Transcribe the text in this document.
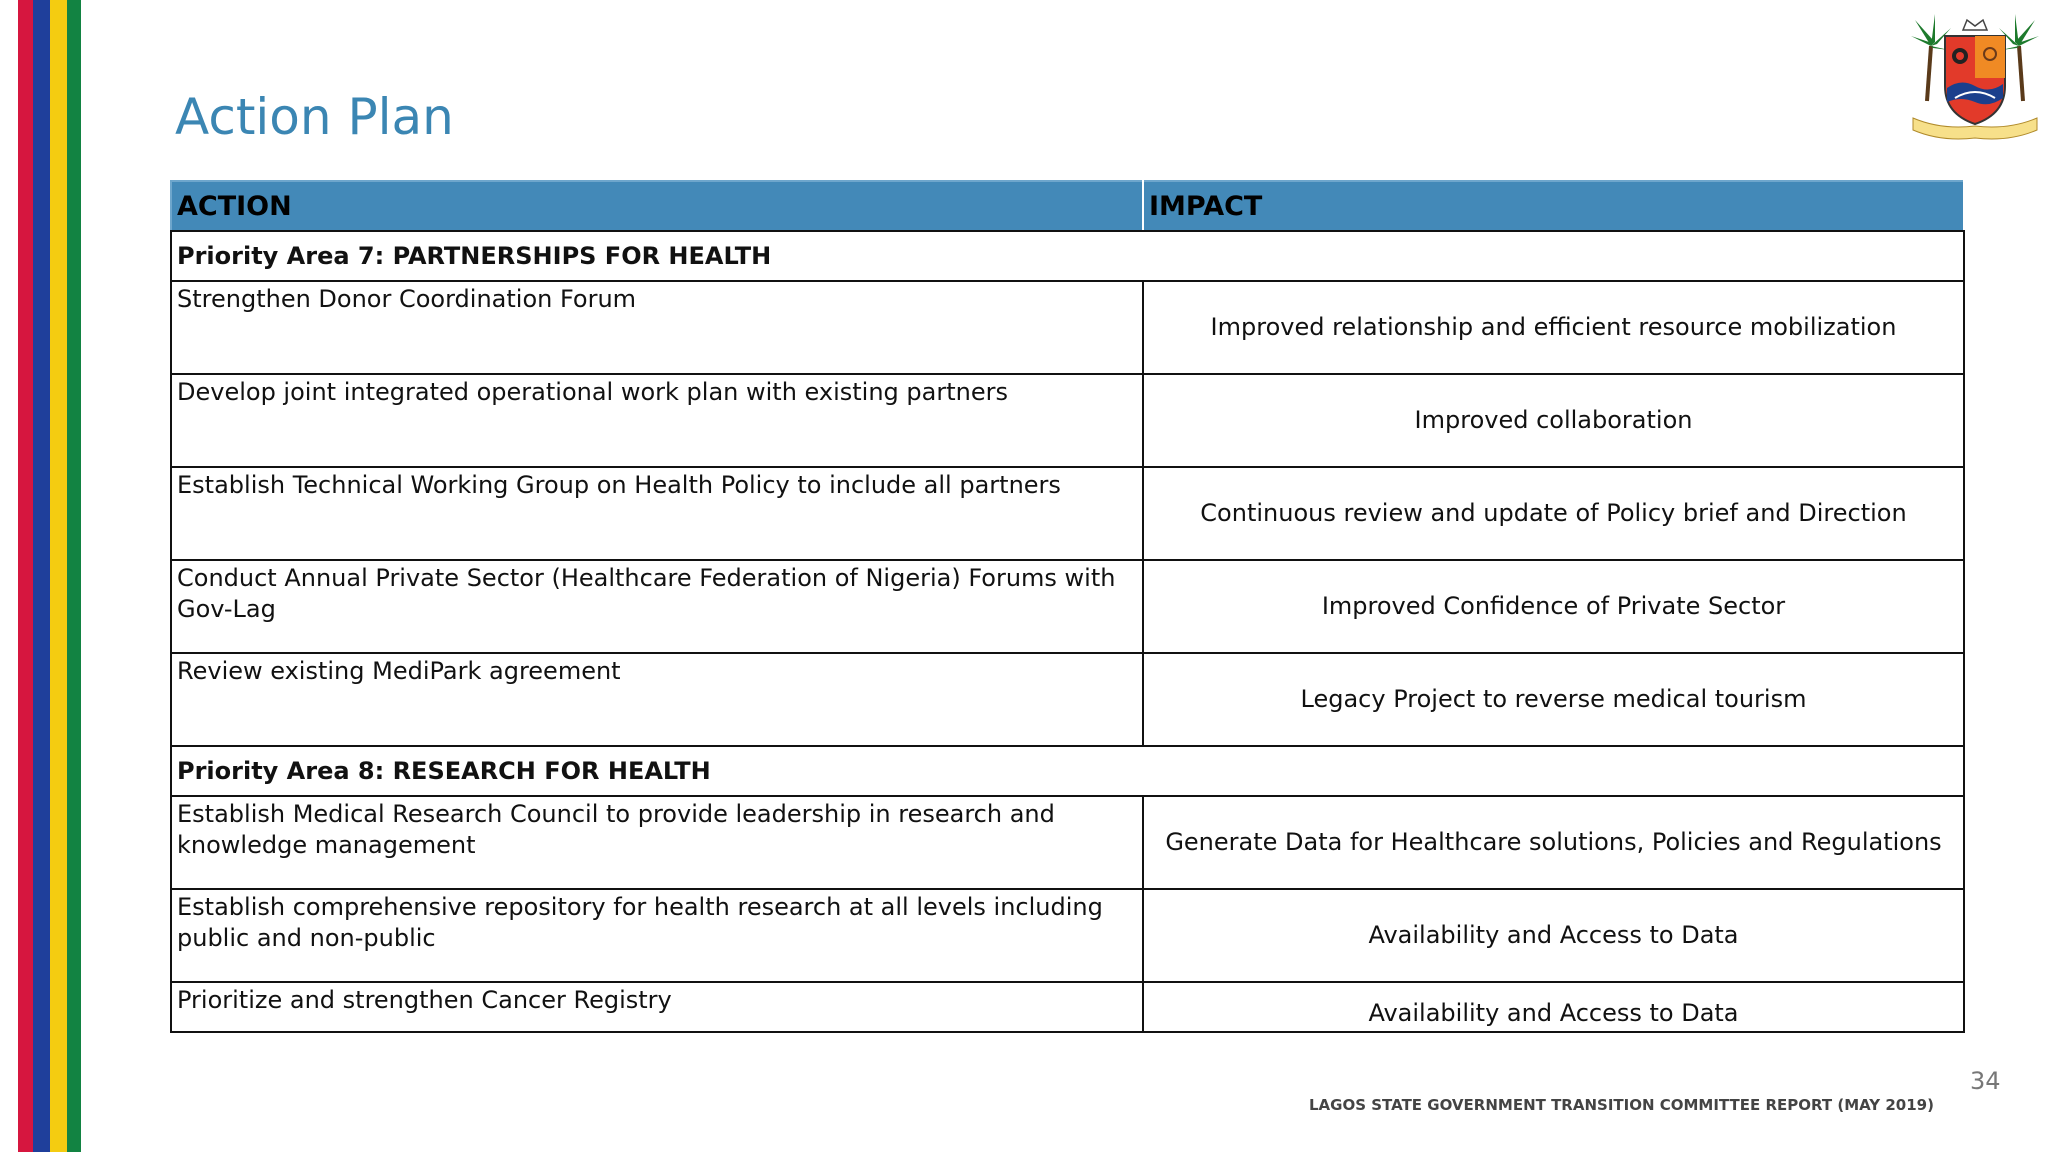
Action Plan
ACTION	IMPACT
Priority Area 7: PARTNERSHIPS FOR HEALTH	
Strengthen Donor Coordination Forum	Improved relationship and efficient resource mobilization
Develop joint integrated operational work plan with existing partners	Improved collaboration
Establish Technical Working Group on Health Policy to include all partners	Continuous review and update of Policy brief and Direction
Conduct Annual Private Sector (Healthcare Federation of Nigeria) Forums with Gov-Lag	Improved Confidence of Private Sector
Review existing MediPark agreement	Legacy Project to reverse medical tourism
Priority Area 8: RESEARCH FOR HEALTH	
Establish Medical Research Council to provide leadership in research and knowledge management	Generate Data for Healthcare solutions, Policies and Regulations
Establish comprehensive repository for health research at all levels including public and non-public	Availability and Access to Data
Prioritize and strengthen Cancer Registry	Availability and Access to Data
34
LAGOS STATE GOVERNMENT TRANSITION COMMITTEE REPORT (MAY 2019)
